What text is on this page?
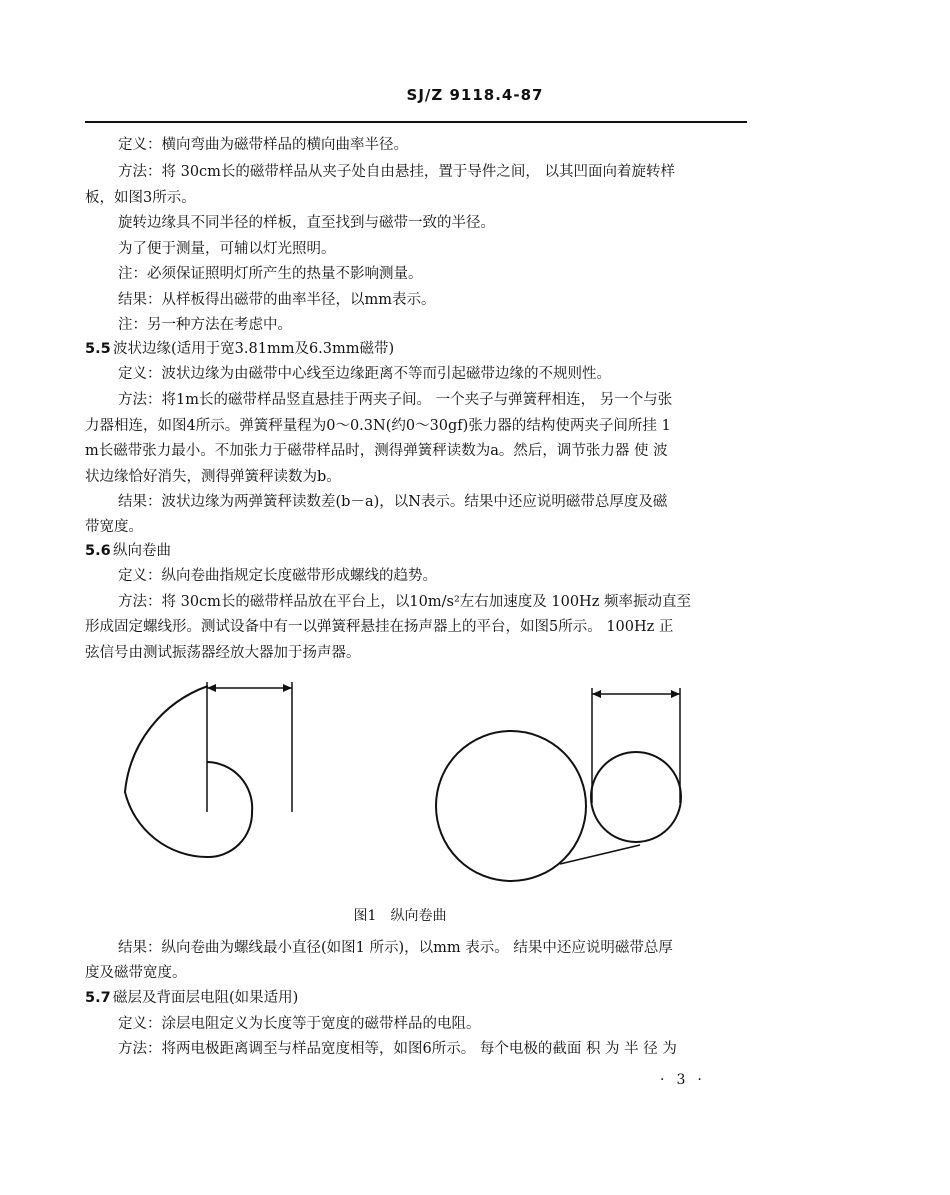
SJ/Z 9118.4-87

定义：横向弯曲为磁带样品的横向曲率半径。

方法：将 30cm长的磁带样品从夹子处自由悬挂，置于导件之间， 以其凹面向着旋转样

板，如图3所示。

旋转边缘具不同半径的样板，直至找到与磁带一致的半径。

为了便于测量，可辅以灯光照明。

注：必须保证照明灯所产生的热量不影响测量。

结果：从样板得出磁带的曲率半径，以mm表示。

注：另一种方法在考虑中。

5.5 波状边缘(适用于宽3.81mm及6.3mm磁带)

定义：波状边缘为由磁带中心线至边缘距离不等而引起磁带边缘的不规则性。

方法：将1m长的磁带样品竖直悬挂于两夹子间。 一个夹子与弹簧秤相连， 另一个与张

力器相连，如图4所示。弹簧秤量程为0～0.3N(约0～30gf)张力器的结构使两夹子间所挂 1

m长磁带张力最小。不加张力于磁带样品时，测得弹簧秤读数为a。然后，调节张力器 使 波

状边缘恰好消失，测得弹簧秤读数为b。

结果：波状边缘为两弹簧秤读数差(b－a)，以N表示。结果中还应说明磁带总厚度及磁

带宽度。

5.6 纵向卷曲

定义：纵向卷曲指规定长度磁带形成螺线的趋势。

方法：将 30cm长的磁带样品放在平台上，以10m/s²左右加速度及 100Hz 频率振动直至

形成固定螺线形。测试设备中有一以弹簧秤悬挂在扬声器上的平台，如图5所示。 100Hz 正

弦信号由测试振荡器经放大器加于扬声器。

图1　纵向卷曲

结果：纵向卷曲为螺线最小直径(如图1 所示)，以mm 表示。 结果中还应说明磁带总厚

度及磁带宽度。

5.7 磁层及背面层电阻(如果适用)

定义：涂层电阻定义为长度等于宽度的磁带样品的电阻。

方法：将两电极距离调至与样品宽度相等，如图6所示。 每个电极的截面 积 为 半 径 为

·3·
